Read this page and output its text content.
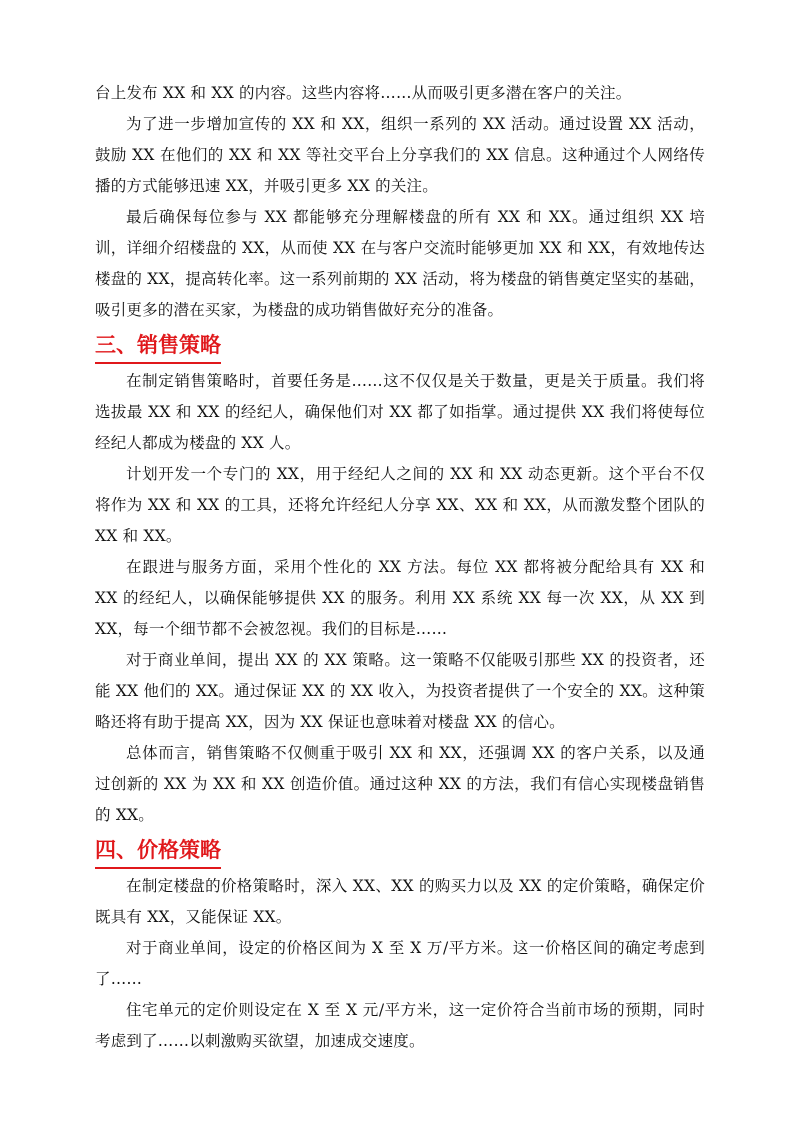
台上发布 XX 和 XX 的内容。这些内容将……从而吸引更多潜在客户的关注。

为了进一步增加宣传的 XX 和 XX，组织一系列的 XX 活动。通过设置 XX 活动，鼓励 XX 在他们的 XX 和 XX 等社交平台上分享我们的 XX 信息。这种通过个人网络传播的方式能够迅速 XX，并吸引更多 XX 的关注。

最后确保每位参与 XX 都能够充分理解楼盘的所有 XX 和 XX。通过组织 XX 培训，详细介绍楼盘的 XX，从而使 XX 在与客户交流时能够更加 XX 和 XX，有效地传达楼盘的 XX，提高转化率。这一系列前期的 XX 活动，将为楼盘的销售奠定坚实的基础，吸引更多的潜在买家，为楼盘的成功销售做好充分的准备。

三、销售策略

在制定销售策略时，首要任务是……这不仅仅是关于数量，更是关于质量。我们将选拔最 XX 和 XX 的经纪人，确保他们对 XX 都了如指掌。通过提供 XX 我们将使每位经纪人都成为楼盘的 XX 人。

计划开发一个专门的 XX，用于经纪人之间的 XX 和 XX 动态更新。这个平台不仅将作为 XX 和 XX 的工具，还将允许经纪人分享 XX、XX 和 XX，从而激发整个团队的 XX 和 XX。

在跟进与服务方面，采用个性化的 XX 方法。每位 XX 都将被分配给具有 XX 和 XX 的经纪人，以确保能够提供 XX 的服务。利用 XX 系统 XX 每一次 XX，从 XX 到 XX，每一个细节都不会被忽视。我们的目标是……

对于商业单间，提出 XX 的 XX 策略。这一策略不仅能吸引那些 XX 的投资者，还能 XX 他们的 XX。通过保证 XX 的 XX 收入，为投资者提供了一个安全的 XX。这种策略还将有助于提高 XX，因为 XX 保证也意味着对楼盘 XX 的信心。

总体而言，销售策略不仅侧重于吸引 XX 和 XX，还强调 XX 的客户关系，以及通过创新的 XX 为 XX 和 XX 创造价值。通过这种 XX 的方法，我们有信心实现楼盘销售的 XX。

四、价格策略

在制定楼盘的价格策略时，深入 XX、XX 的购买力以及 XX 的定价策略，确保定价既具有 XX，又能保证 XX。

对于商业单间，设定的价格区间为 X 至 X 万/平方米。这一价格区间的确定考虑到了……

住宅单元的定价则设定在 X 至 X 元/平方米，这一定价符合当前市场的预期，同时考虑到了……以刺激购买欲望，加速成交速度。
